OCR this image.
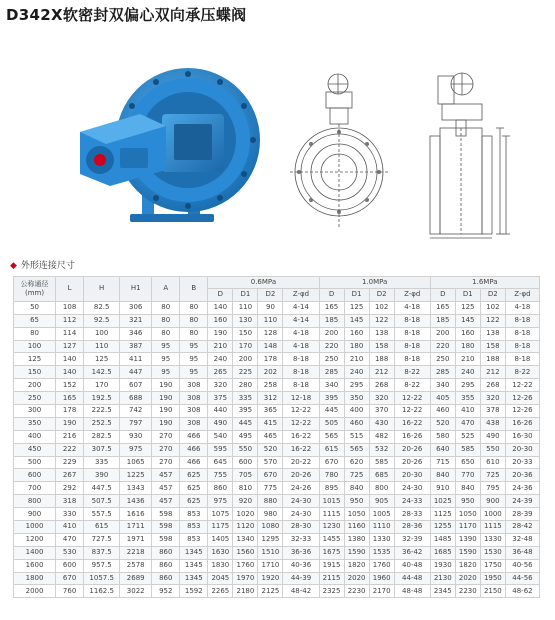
D342X软密封双偏心双向承压蝶阀
◆ 外形连接尺寸
公称通径
(mm)	L	H	H1	A	B	0.6MPa				1.0MPa				1.6MPa			
						D	D1	D2	Z-φd	D	D1	D2	Z-φd	D	D1	D2	Z-φd
50	108	82.5	306	80	80	140	110	90	4-14	165	125	102	4-18	165	125	102	4-18
65	112	92.5	321	80	80	160	130	110	4-14	185	145	122	8-18	185	145	122	8-18
80	114	100	346	80	80	190	150	128	4-18	200	160	138	8-18	200	160	138	8-18
100	127	110	387	95	95	210	170	148	4-18	220	180	158	8-18	220	180	158	8-18
125	140	125	411	95	95	240	200	178	8-18	250	210	188	8-18	250	210	188	8-18
150	140	142.5	447	95	95	265	225	202	8-18	285	240	212	8-22	285	240	212	8-22
200	152	170	607	190	308	320	280	258	8-18	340	295	268	8-22	340	295	268	12-22
250	165	192.5	688	190	308	375	335	312	12-18	395	350	320	12-22	405	355	320	12-26
300	178	222.5	742	190	308	440	395	365	12-22	445	400	370	12-22	460	410	378	12-26
350	190	252.5	797	190	308	490	445	415	12-22	505	460	430	16-22	520	470	438	16-26
400	216	282.5	930	270	466	540	495	465	16-22	565	515	482	16-26	580	525	490	16-30
450	222	307.5	975	270	466	595	550	520	16-22	615	565	532	20-26	640	585	550	20-30
500	229	335	1065	270	466	645	600	570	20-22	670	620	585	20-26	715	650	610	20-33
600	267	390	1225	457	625	755	705	670	20-26	780	725	685	20-30	840	770	725	20-36
700	292	447.5	1343	457	625	860	810	775	24-26	895	840	800	24-30	910	840	795	24-36
800	318	507.5	1436	457	625	975	920	880	24-30	1015	950	905	24-33	1025	950	900	24-39
900	330	557.5	1616	598	853	1075	1020	980	24-30	1115	1050	1005	28-33	1125	1050	1000	28-39
1000	410	615	1711	598	853	1175	1120	1080	28-30	1230	1160	1110	28-36	1255	1170	1115	28-42
1200	470	727.5	1971	598	853	1405	1340	1295	32-33	1455	1380	1330	32-39	1485	1390	1330	32-48
1400	530	837.5	2218	860	1345	1630	1560	1510	36-36	1675	1590	1535	36-42	1685	1590	1530	36-48
1600	600	957.5	2578	860	1345	1830	1760	1710	40-36	1915	1820	1760	40-48	1930	1820	1750	40-56
1800	670	1057.5	2689	860	1345	2045	1970	1920	44-39	2115	2020	1960	44-48	2130	2020	1950	44-56
2000	760	1162.5	3022	952	1592	2265	2180	2125	48-42	2325	2230	2170	48-48	2345	2230	2150	48-62
